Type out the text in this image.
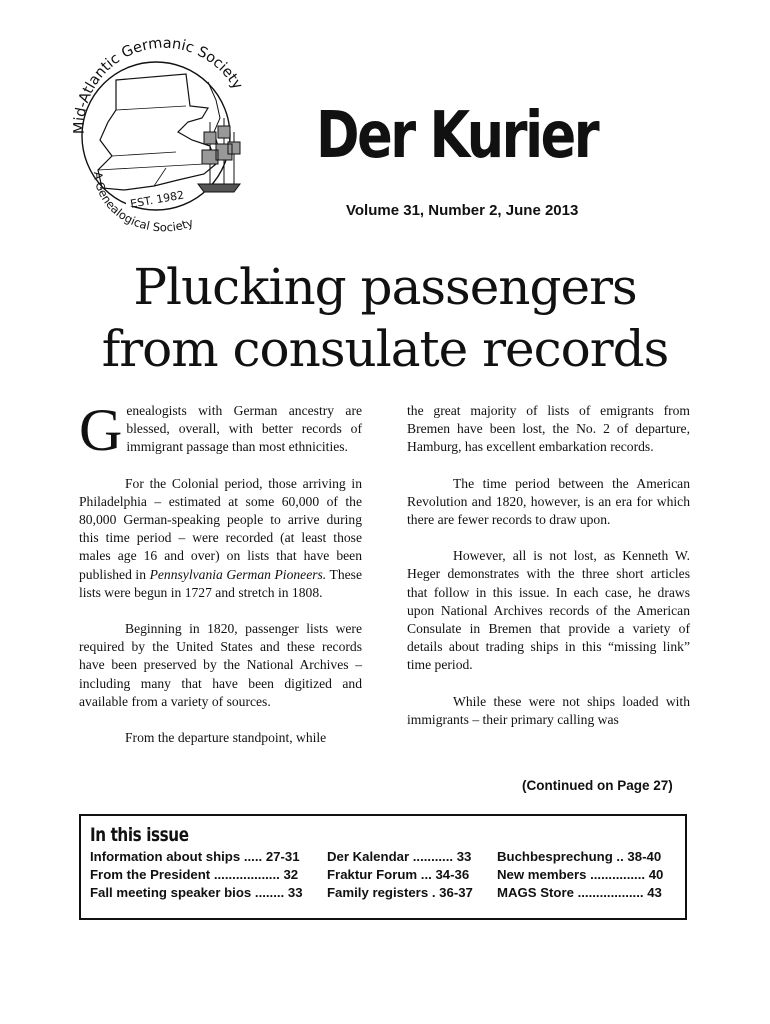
Mid-Atlantic Germanic Society
EST. 1982
A Genealogical Society
Der Kurier
Volume 31, Number 2, June 2013
Plucking passengers
from consulate records

Genealogists with German ancestry are blessed, overall, with better records of immigrant passage than most ethnicities.

For the Colonial period, those arriving in Philadelphia – estimated at some 60,000 of the 80,000 German-speaking people to arrive during this time period – were recorded (at least those males age 16 and over) on lists that have been published in Pennsylvania German Pioneers. These lists were begun in 1727 and stretch in 1808.

Beginning in 1820, passenger lists were required by the United States and these records have been preserved by the National Archives – including many that have been digitized and available from a variety of sources.

From the departure standpoint, while

the great majority of lists of emigrants from Bremen have been lost, the No. 2 of departure, Hamburg, has excellent embarkation records.

The time period between the American Revolution and 1820, however, is an era for which there are fewer records to draw upon.

However, all is not lost, as Kenneth W. Heger demonstrates with the three short articles that follow in this issue. In each case, he draws upon National Archives records of the American Consulate in Bremen that provide a variety of details about trading ships in this “missing link” time period.

While these were not ships loaded with immigrants – their primary calling was

(Continued on Page 27)
In this issue
Information about ships ..... 27-31
From the President .................. 32
Fall meeting speaker bios ........ 33
Der Kalendar ........... 33
Fraktur Forum ... 34-36
Family registers . 36-37
Buchbesprechung .. 38-40
New members ............... 40
MAGS Store .................. 43
